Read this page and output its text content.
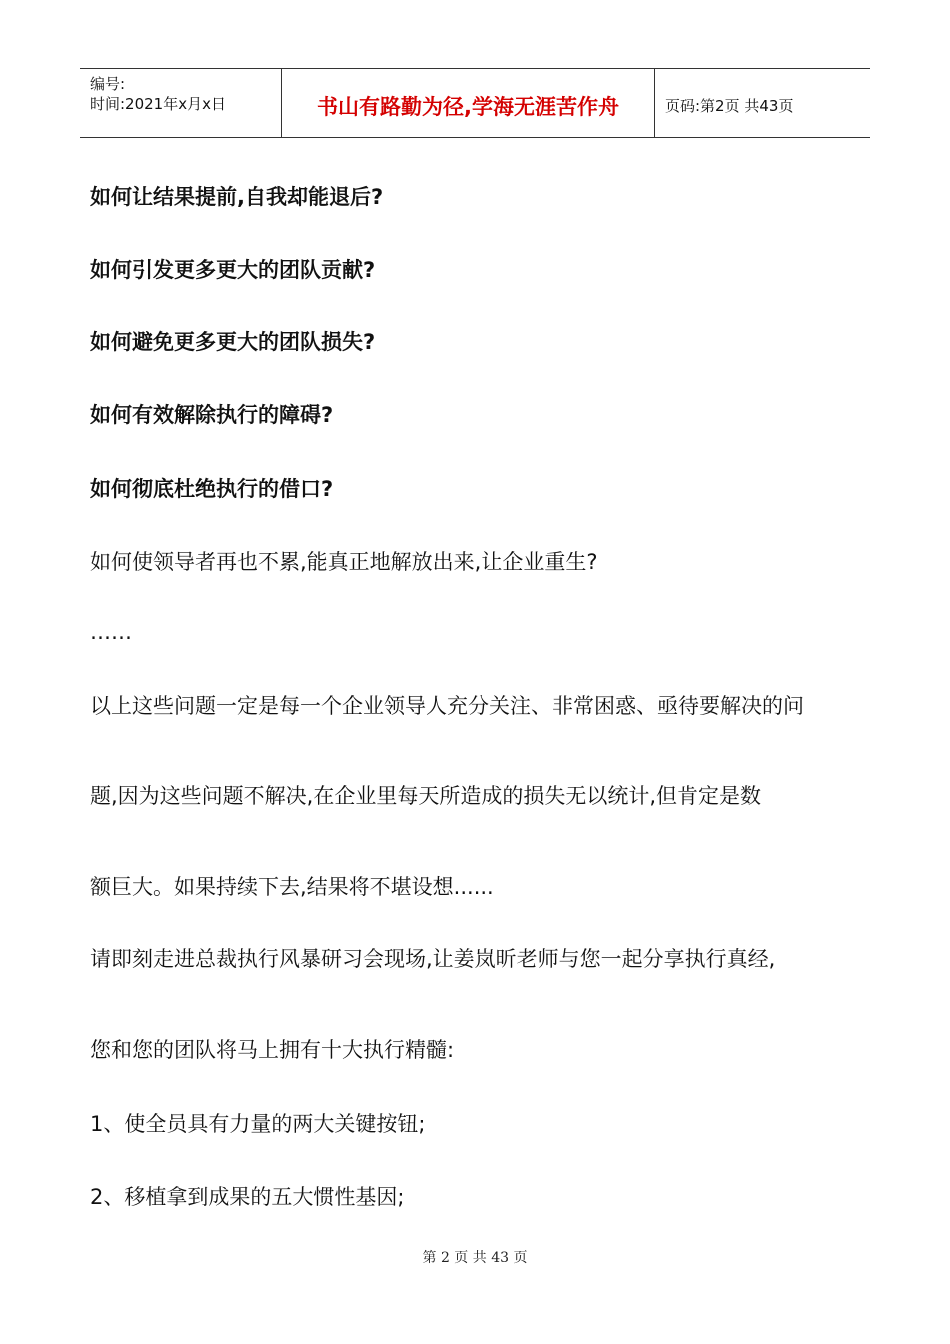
编号:
时间:2021年x月x日	书山有路勤为径,学海无涯苦作舟	页码:第2页 共43页
如何让结果提前,自我却能退后?
如何引发更多更大的团队贡献?
如何避免更多更大的团队损失?
如何有效解除执行的障碍?
如何彻底杜绝执行的借口?
如何使领导者再也不累,能真正地解放出来,让企业重生?
……
以上这些问题一定是每一个企业领导人充分关注、非常困惑、亟待要解决的问
题,因为这些问题不解决,在企业里每天所造成的损失无以统计,但肯定是数
额巨大。如果持续下去,结果将不堪设想......
请即刻走进总裁执行风暴研习会现场,让姜岚昕老师与您一起分享执行真经,
您和您的团队将马上拥有十大执行精髓:
1、使全员具有力量的两大关键按钮;
2、移植拿到成果的五大惯性基因;
第 2 页 共 43 页
